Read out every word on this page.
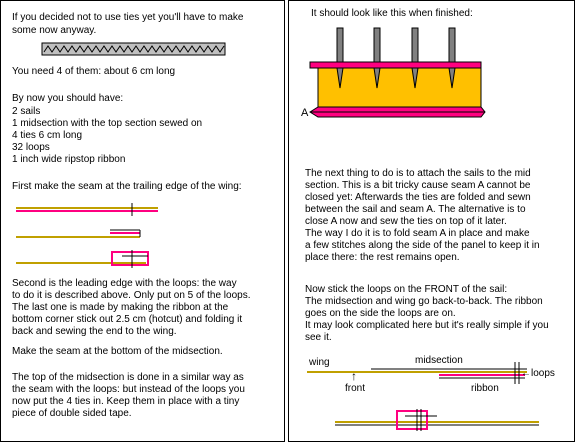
If you decided not to use ties yet you'll have to make

some now anyway.

You need 4 of them: about 6 cm long

By now you should have:

2 sails

1 midsection with the top section sewed on

4 ties 6 cm long

32 loops

1 inch wide ripstop ribbon

First make the seam at the trailing edge of the wing:

Second is the leading edge with the loops: the way

to do it is described above. Only put on 5 of the loops.

The last one is made by making the ribbon at the

bottom corner stick out 2.5 cm (hotcut) and folding it

back and sewing the end to the wing.

Make the seam at the bottom of the midsection.

The top of the midsection is done in a similar way as

the seam with the loops: but instead of the loops you

now put the 4 ties in. Keep them in place with a tiny

piece of double sided tape.

It should look like this when finished:

A

The next thing to do is to attach the sails to the mid

section. This is a bit tricky cause seam A cannot be

closed yet: Afterwards the ties are folded and sewn

between the sail and seam A. The alternative is to

close A now and sew the ties on top of it later.

The way I do it is to fold seam A in place and make

a few stitches along the side of the panel to keep it in

place there: the rest remains open.

Now stick the loops on the FRONT of the sail:

The midsection and wing go back-to-back. The ribbon

goes on the side the loops are on.

It may look complicated here but it's really simple if you

see it.

wing	midsection
←loops
↑
front	ribbon
